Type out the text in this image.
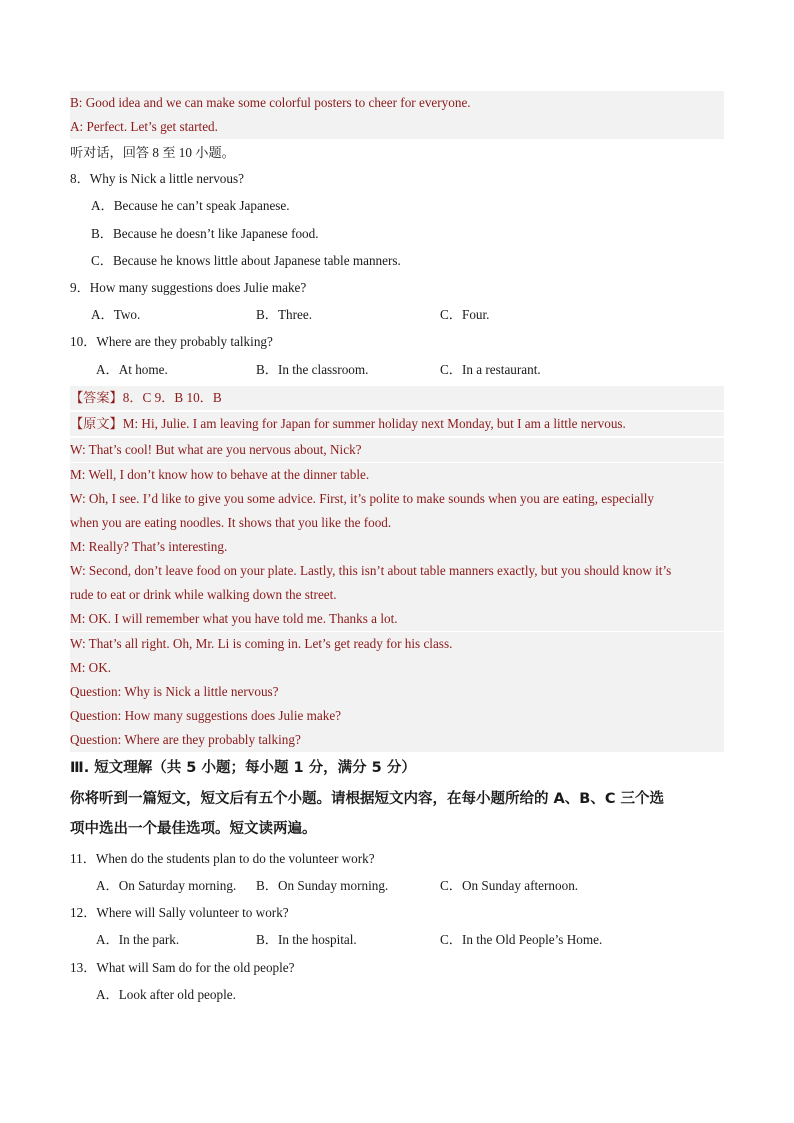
B: Good idea and we can make some colorful posters to cheer for everyone.
A: Perfect. Let’s get started.
听对话，回答 8 至 10 小题。
8．Why is Nick a little nervous?
A．Because he can’t speak Japanese.
B．Because he doesn’t like Japanese food.
C．Because he knows little about Japanese table manners.
9．How many suggestions does Julie make?
A．Two.	B．Three.	C．Four.
10．Where are they probably talking?
A．At home.	B．In the classroom.	C．In a restaurant.
【答案】8．C 9．B 10．B
【原文】M: Hi, Julie. I am leaving for Japan for summer holiday next Monday, but I am a little nervous.
W: That’s cool! But what are you nervous about, Nick?
M: Well, I don’t know how to behave at the dinner table.
W: Oh, I see. I’d like to give you some advice. First, it’s polite to make sounds when you are eating, especially
when you are eating noodles. It shows that you like the food.
M: Really? That’s interesting.
W: Second, don’t leave food on your plate. Lastly, this isn’t about table manners exactly, but you should know it’s
rude to eat or drink while walking down the street.
M: OK. I will remember what you have told me. Thanks a lot.
W: That’s all right. Oh, Mr. Li is coming in. Let’s get ready for his class.
M: OK.
Question: Why is Nick a little nervous?
Question: How many suggestions does Julie make?
Question: Where are they probably talking?
Ⅲ. 短文理解（共 5 小题；每小题 1 分，满分 5 分）
你将听到一篇短文，短文后有五个小题。请根据短文内容，在每小题所给的 A、B、C 三个选
项中选出一个最佳选项。短文读两遍。
11．When do the students plan to do the volunteer work?
A．On Saturday morning. B．On Sunday morning.	C．On Sunday afternoon.
12．Where will Sally volunteer to work?
A．In the park.	B．In the hospital.	C．In the Old People’s Home.
13．What will Sam do for the old people?
A．Look after old people.
